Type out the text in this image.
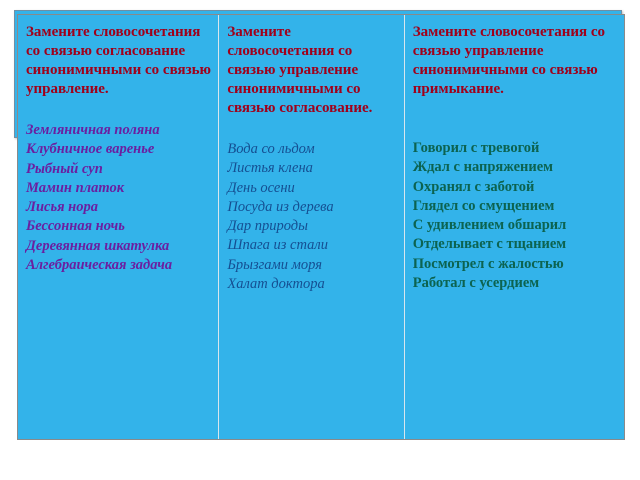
Замените словосочетания со связью согласование синонимичными со связью управление.

Земляничная поляна
Клубничное варенье
Рыбный суп
Мамин платок
Лисья нора
Бессонная ночь
Деревянная шкатулка
Алгебраическая задача

Замените словосочетания со связью управление синонимичными со связью согласование.

Вода со льдом
Листья клена
День осени
Посуда из дерева
Дар природы
Шпага из стали
Брызгами моря
Халат доктора

Замените словосочетания со связью управление синонимичными со связью примыкание.

Говорил с тревогой
Ждал с напряжением
Охранял с заботой
Глядел со смущением
С удивлением обшарил
Отделывает с тщанием
Посмотрел с жалостью
Работал с усердием
